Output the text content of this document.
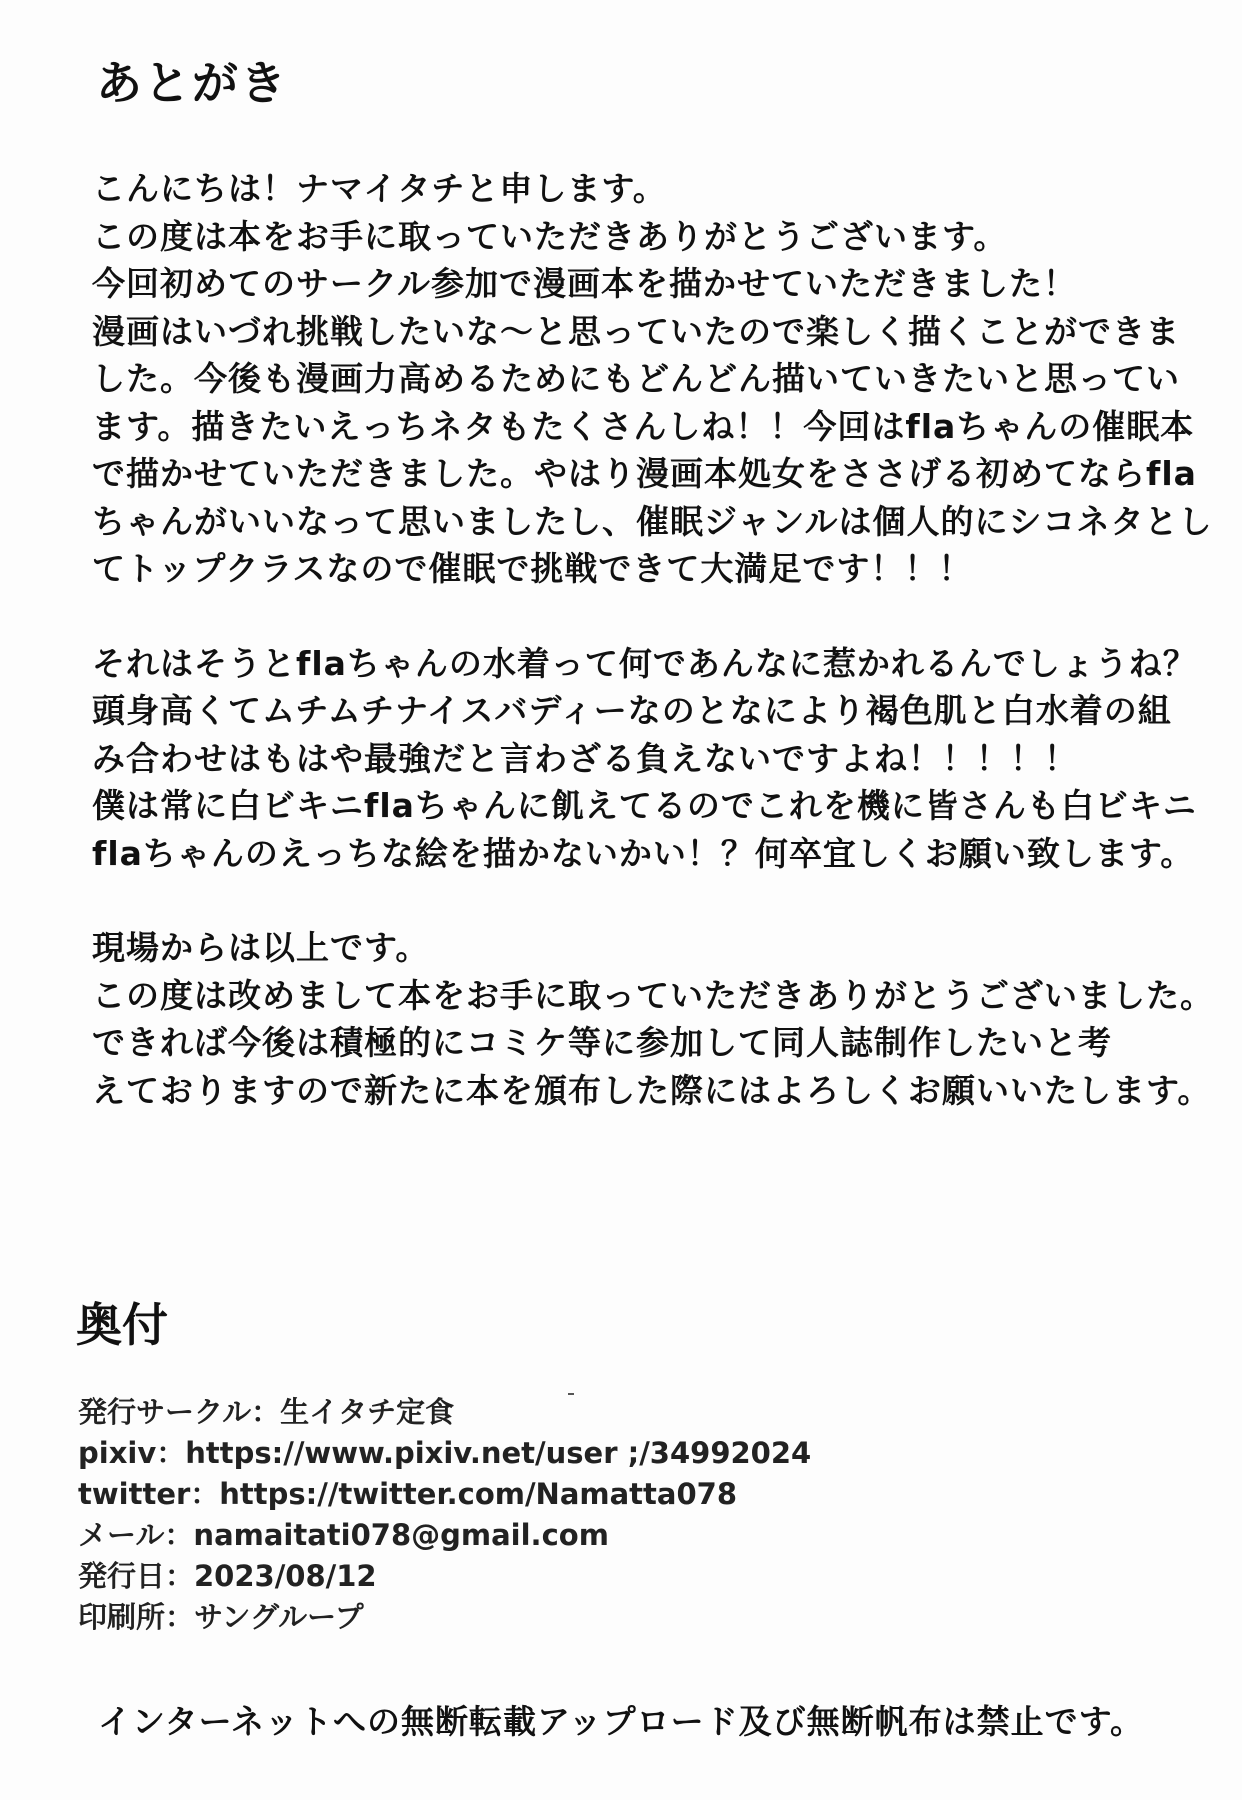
あとがき
こんにちは！ナマイタチと申します。
この度は本をお手に取っていただきありがとうございます。
今回初めてのサークル参加で漫画本を描かせていただきました！
漫画はいづれ挑戦したいな～と思っていたので楽しく描くことができま
した。今後も漫画力高めるためにもどんどん描いていきたいと思ってい
ます。描きたいえっちネタもたくさんしね！！今回はflaちゃんの催眠本
で描かせていただきました。やはり漫画本処女をささげる初めてならfla
ちゃんがいいなって思いましたし、催眠ジャンルは個人的にシコネタとし
てトップクラスなので催眠で挑戦できて大満足です！！！
それはそうとflaちゃんの水着って何であんなに惹かれるんでしょうね？
頭身高くてムチムチナイスバディーなのとなにより褐色肌と白水着の組
み合わせはもはや最強だと言わざる負えないですよね！！！！！
僕は常に白ビキニflaちゃんに飢えてるのでこれを機に皆さんも白ビキニ
flaちゃんのえっちな絵を描かないかい！？何卒宜しくお願い致します。
現場からは以上です。
この度は改めまして本をお手に取っていただきありがとうございました。
できれば今後は積極的にコミケ等に参加して同人誌制作したいと考
えておりますので新たに本を頒布した際にはよろしくお願いいたします。
奥付
発行サークル：生イタチ定食
pixiv：https://www.pixiv.net/user ;/34992024
twitter：https://twitter.com/Namatta078
メール：namaitati078@gmail.com
発行日：2023/08/12
印刷所：サングループ
インターネットへの無断転載アップロード及び無断帆布は禁止です。
